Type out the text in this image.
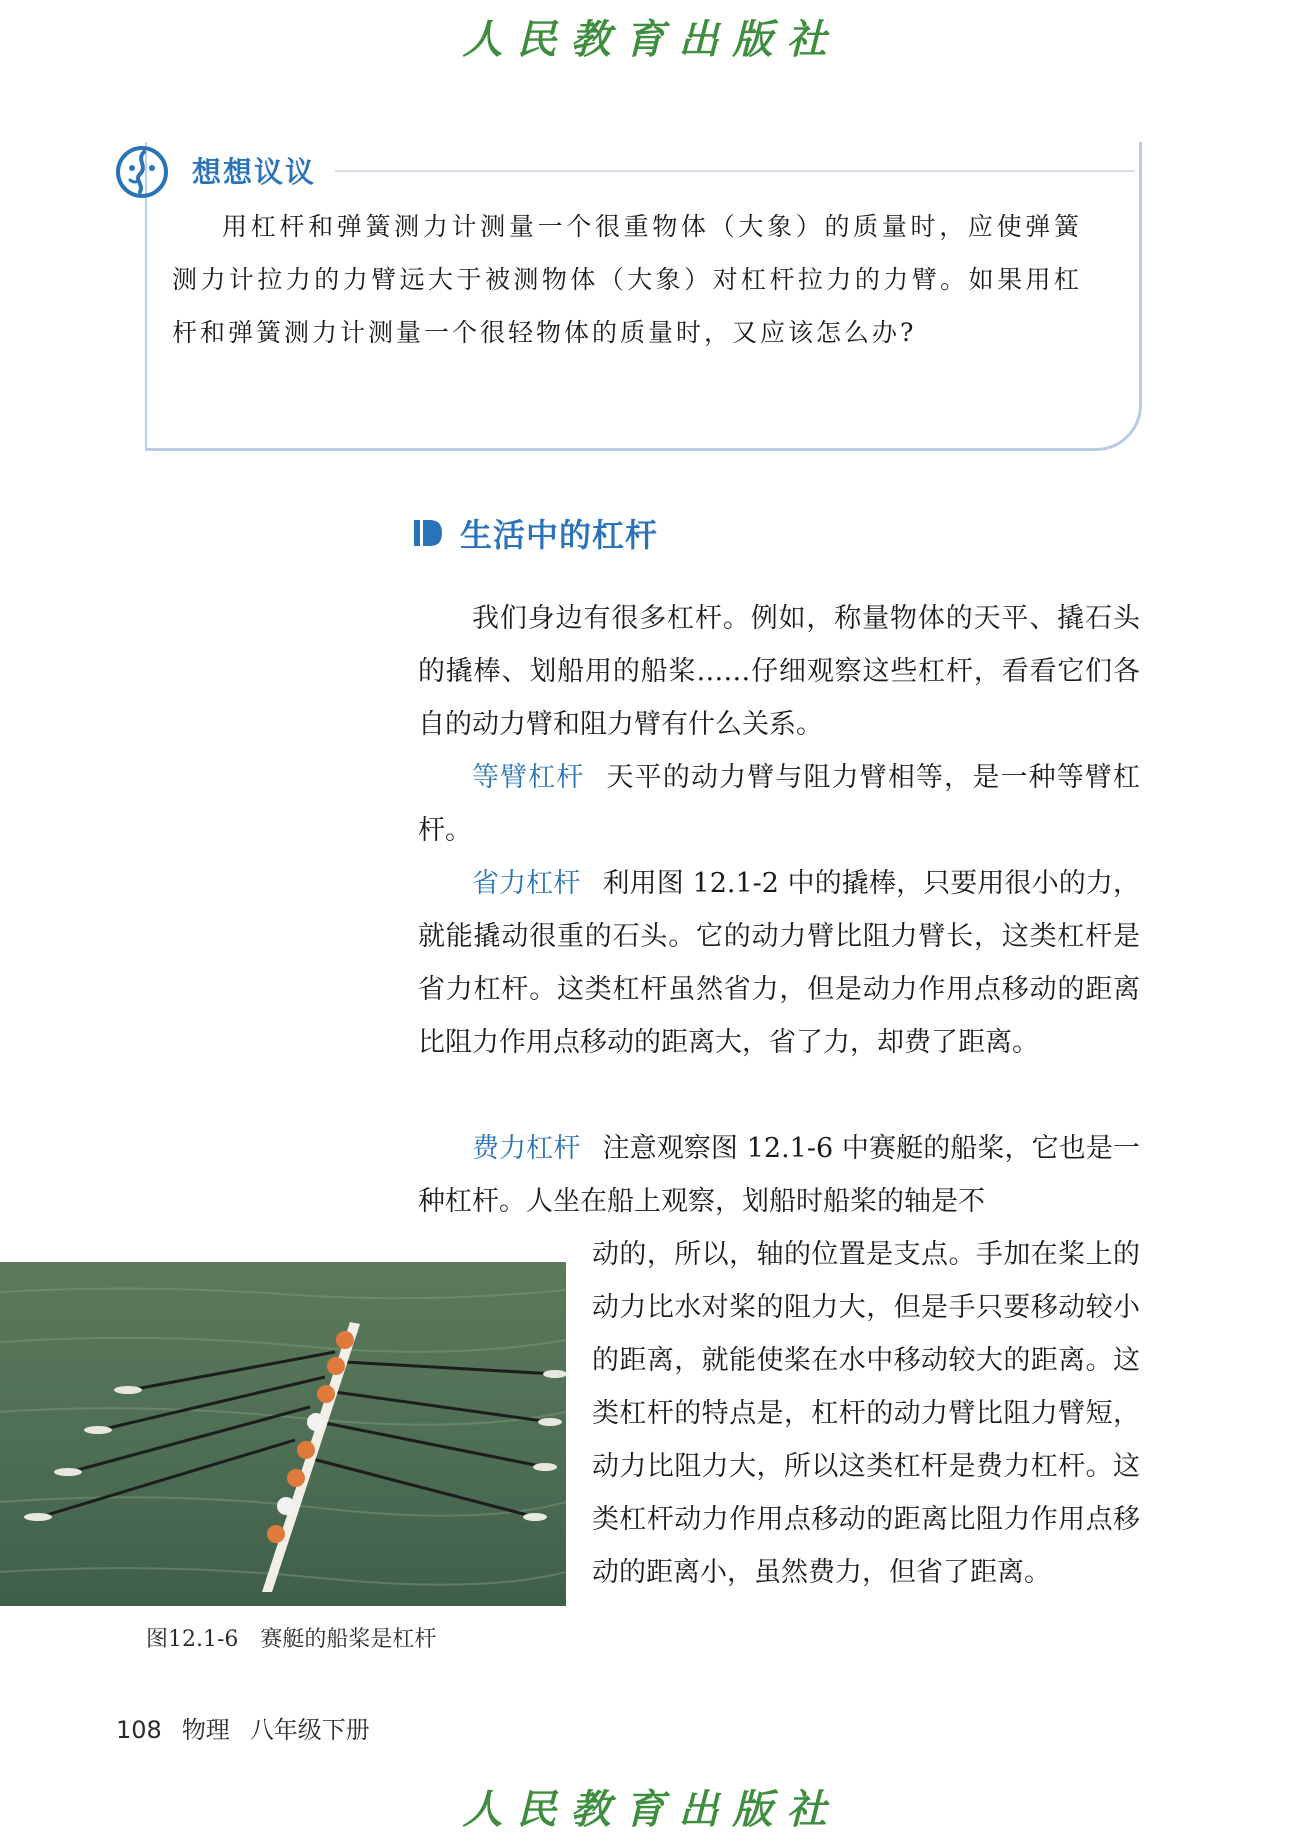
人民教育出版社
想想议议

用杠杆和弹簧测力计测量一个很重物体（大象）的质量时，应使弹簧测力计拉力的力臂远大于被测物体（大象）对杠杆拉力的力臂。如果用杠杆和弹簧测力计测量一个很轻物体的质量时，又应该怎么办?

生活中的杠杆

我们身边有很多杠杆。例如，称量物体的天平、撬石头的撬棒、划船用的船桨……仔细观察这些杠杆，看看它们各自的动力臂和阻力臂有什么关系。

等臂杠杆 天平的动力臂与阻力臂相等，是一种等臂杠杆。

省力杠杆 利用图 12.1-2 中的撬棒，只要用很小的力，就能撬动很重的石头。它的动力臂比阻力臂长，这类杠杆是省力杠杆。这类杠杆虽然省力，但是动力作用点移动的距离比阻力作用点移动的距离大，省了力，却费了距离。

费力杠杆 注意观察图 12.1-6 中赛艇的船桨，它也是一种杠杆。人坐在船上观察，划船时船桨的轴是不

动的，所以，轴的位置是支点。手加在桨上的动力比水对桨的阻力大，但是手只要移动较小的距离，就能使桨在水中移动较大的距离。这类杠杆的特点是，杠杆的动力臂比阻力臂短，动力比阻力大，所以这类杠杆是费力杠杆。这类杠杆动力作用点移动的距离比阻力作用点移动的距离小，虽然费力，但省了距离。

图12.1-6 赛艇的船桨是杠杆
108 物理 八年级下册
人民教育出版社
